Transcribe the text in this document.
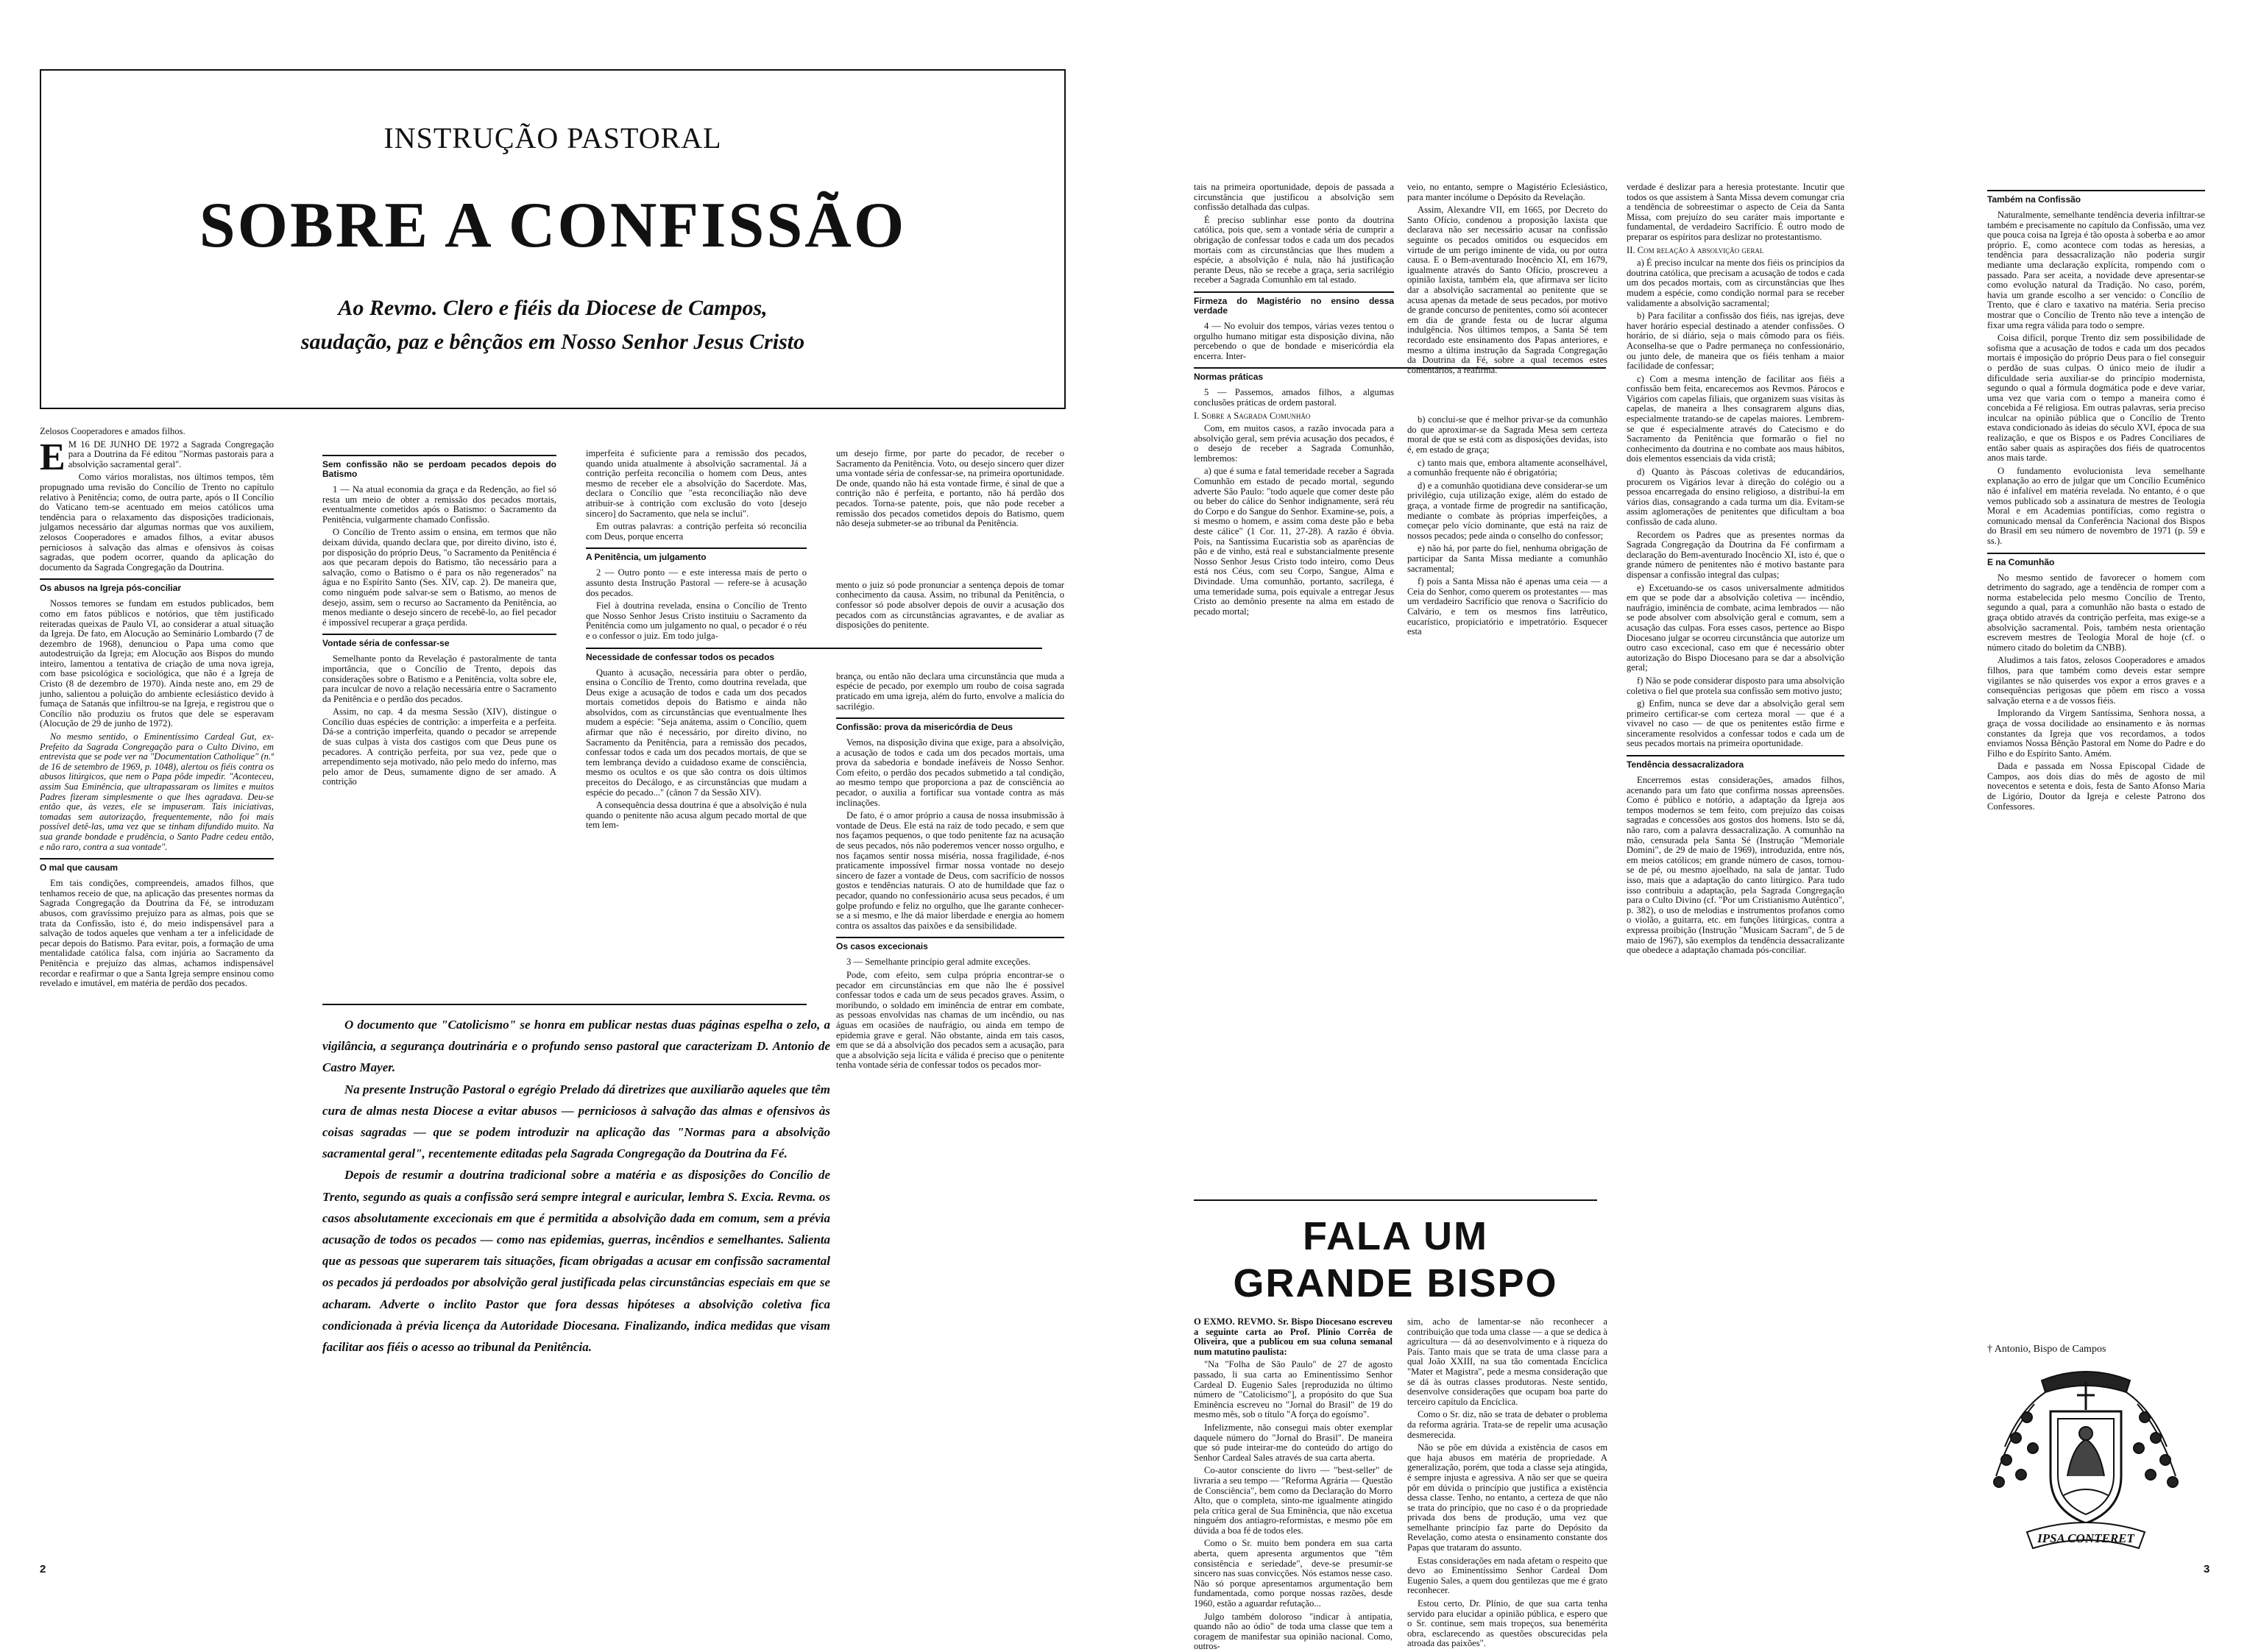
INSTRUÇÃO PASTORAL
SOBRE A CONFISSÃO
Ao Revmo. Clero e fiéis da Diocese de Campos,
saudação, paz e bênçãos em Nosso Senhor Jesus Cristo

Zelosos Cooperadores e amados filhos.

E M 16 DE JUNHO DE 1972 a Sagrada Congregação para a Doutrina da Fé editou "Normas pastorais para a absolvição sacramental geral".

Como vários moralistas, nos últimos tempos, têm propugnado uma revisão do Concílio de Trento no capítulo relativo à Penitência; como, de outra parte, após o II Concílio do Vaticano tem-se acentuado em meios católicos uma tendência para o relaxamento das disposições tradicionais, julgamos necessário dar algumas normas que vos auxiliem, zelosos Cooperadores e amados filhos, a evitar abusos perniciosos à salvação das almas e ofensivos às coisas sagradas, que podem ocorrer, quando da aplicação do documento da Sagrada Congregação da Doutrina.

Os abusos na Igreja pós-conciliar

Nossos temores se fundam em estudos publicados, bem como em fatos públicos e notórios, que têm justificado reiteradas queixas de Paulo VI, ao considerar a atual situação da Igreja. De fato, em Alocução ao Seminário Lombardo (7 de dezembro de 1968), denunciou o Papa uma como que autodestruição da Igreja; em Alocução aos Bispos do mundo inteiro, lamentou a tentativa de criação de uma nova igreja, com base psicológica e sociológica, que não é a Igreja de Cristo (8 de dezembro de 1970). Ainda neste ano, em 29 de junho, salientou a poluição do ambiente eclesiástico devido à fumaça de Satanás que infiltrou-se na Igreja, e registrou que o Concílio não produziu os frutos que dele se esperavam (Alocução de 29 de junho de 1972).

No mesmo sentido, o Eminentíssimo Cardeal Gut, ex-Prefeito da Sagrada Congregação para o Culto Divino, em entrevista que se pode ver na "Documentation Catholique" (n.º de 16 de setembro de 1969, p. 1048), alertou os fiéis contra os abusos litúrgicos, que nem o Papa pôde impedir. "Aconteceu, assim Sua Eminência, que ultrapassaram os limites e muitos Padres fizeram simplesmente o que lhes agradava. Deu-se então que, às vezes, ele se impuseram. Tais iniciativas, tomadas sem autorização, frequentemente, não foi mais possível detê-las, uma vez que se tinham difundido muito. Na sua grande bondade e prudência, o Santo Padre cedeu então, e não raro, contra a sua vontade".

O mal que causam

Em tais condições, compreendeis, amados filhos, que tenhamos receio de que, na aplicação das presentes normas da Sagrada Congregação da Doutrina da Fé, se introduzam abusos, com gravíssimo prejuízo para as almas, pois que se trata da Confissão, isto é, do meio indispensável para a salvação de todos aqueles que venham a ter a infelicidade de pecar depois do Batismo. Para evitar, pois, a formação de uma mentalidade católica falsa, com injúria ao Sacramento da Penitência e prejuízo das almas, achamos indispensável recordar e reafirmar o que a Santa Igreja sempre ensinou como revelado e imutável, em matéria de perdão dos pecados.

Sem confissão não se perdoam pecados depois do Batismo

1 — Na atual economia da graça e da Redenção, ao fiel só resta um meio de obter a remissão dos pecados mortais, eventualmente cometidos após o Batismo: o Sacramento da Penitência, vulgarmente chamado Confissão.

O Concílio de Trento assim o ensina, em termos que não deixam dúvida, quando declara que, por direito divino, isto é, por disposição do próprio Deus, "o Sacramento da Penitência é aos que pecaram depois do Batismo, tão necessário para a salvação, como o Batismo o é para os não regenerados" na água e no Espírito Santo (Ses. XIV, cap. 2). De maneira que, como ninguém pode salvar-se sem o Batismo, ao menos de desejo, assim, sem o recurso ao Sacramento da Penitência, ao menos mediante o desejo sincero de recebê-lo, ao fiel pecador é impossível recuperar a graça perdida.

Vontade séria de confessar-se

Semelhante ponto da Revelação é pastoralmente de tanta importância, que o Concílio de Trento, depois das considerações sobre o Batismo e a Penitência, volta sobre ele, para inculcar de novo a relação necessária entre o Sacramento da Penitência e o perdão dos pecados.

Assim, no cap. 4 da mesma Sessão (XIV), distingue o Concílio duas espécies de contrição: a imperfeita e a perfeita. Dá-se a contrição imperfeita, quando o pecador se arrepende de suas culpas à vista dos castigos com que Deus pune os pecadores. A contrição perfeita, por sua vez, pede que o arrependimento seja motivado, não pelo medo do inferno, mas pelo amor de Deus, sumamente digno de ser amado. A contrição

imperfeita é suficiente para a remissão dos pecados, quando unida atualmente à absolvição sacramental. Já a contrição perfeita reconcilia o homem com Deus, antes mesmo de receber ele a absolvição do Sacerdote. Mas, declara o Concílio que "esta reconciliação não deve atribuir-se à contrição com exclusão do voto [desejo sincero] do Sacramento, que nela se inclui".

Em outras palavras: a contrição perfeita só reconcilia com Deus, porque encerra

A Penitência, um julgamento

2 — Outro ponto — e este interessa mais de perto o assunto desta Instrução Pastoral — refere-se à acusação dos pecados.

Fiel à doutrina revelada, ensina o Concílio de Trento que Nosso Senhor Jesus Cristo instituiu o Sacramento da Penitência como um julgamento no qual, o pecador é o réu e o confessor o juiz. Em todo julga-

Necessidade de confessar todos os pecados

Quanto à acusação, necessária para obter o perdão, ensina o Concílio de Trento, como doutrina revelada, que Deus exige a acusação de todos e cada um dos pecados mortais cometidos depois do Batismo e ainda não absolvidos, com as circunstâncias que eventualmente lhes mudem a espécie: "Seja anátema, assim o Concílio, quem afirmar que não é necessário, por direito divino, no Sacramento da Penitência, para a remissão dos pecados, confessar todos e cada um dos pecados mortais, de que se tem lembrança devido a cuidadoso exame de consciência, mesmo os ocultos e os que são contra os dois últimos preceitos do Decálogo, e as circunstâncias que mudam a espécie do pecado..." (cânon 7 da Sessão XIV).

A consequência dessa doutrina é que a absolvição é nula quando o penitente não acusa algum pecado mortal de que tem lem-

um desejo firme, por parte do pecador, de receber o Sacramento da Penitência. Voto, ou desejo sincero quer dizer uma vontade séria de confessar-se, na primeira oportunidade. De onde, quando não há esta vontade firme, é sinal de que a contrição não é perfeita, e portanto, não há perdão dos pecados. Torna-se patente, pois, que não pode receber a remissão dos pecados cometidos depois do Batismo, quem não deseja submeter-se ao tribunal da Penitência.

mento o juiz só pode pronunciar a sentença depois de tomar conhecimento da causa. Assim, no tribunal da Penitência, o confessor só pode absolver depois de ouvir a acusação dos pecados com as circunstâncias agravantes, e de avaliar as disposições do penitente.

brança, ou então não declara uma circunstância que muda a espécie de pecado, por exemplo um roubo de coisa sagrada praticado em uma igreja, além do furto, envolve a malícia do sacrilégio.

Confissão: prova da misericórdia de Deus

Vemos, na disposição divina que exige, para a absolvição, a acusação de todos e cada um dos pecados mortais, uma prova da sabedoria e bondade inefáveis de Nosso Senhor. Com efeito, o perdão dos pecados submetido a tal condição, ao mesmo tempo que proporciona a paz de consciência ao pecador, o auxilia a fortificar sua vontade contra as más inclinações.

De fato, é o amor próprio a causa de nossa insubmissão à vontade de Deus. Ele está na raiz de todo pecado, e sem que nos façamos pequenos, o que todo penitente faz na acusação de seus pecados, nós não poderemos vencer nosso orgulho, e nos façamos sentir nossa miséria, nossa fragilidade, é-nos praticamente impossível firmar nossa vontade no desejo sincero de fazer a vontade de Deus, com sacrifício de nossos gostos e tendências naturais. O ato de humildade que faz o pecador, quando no confessionário acusa seus pecados, é um golpe profundo e feliz no orgulho, que lhe garante conhecer-se a si mesmo, e lhe dá maior liberdade e energia ao homem contra os assaltos das paixões e da sensibilidade.

Os casos excecionais

3 — Semelhante princípio geral admite exceções.

Pode, com efeito, sem culpa própria encontrar-se o pecador em circunstâncias em que não lhe é possível confessar todos e cada um de seus pecados graves. Assim, o moribundo, o soldado em iminência de entrar em combate, as pessoas envolvidas nas chamas de um incêndio, ou nas águas em ocasiões de naufrágio, ou ainda em tempo de epidemia grave e geral. Não obstante, ainda em tais casos, em que se dá a absolvição dos pecados sem a acusação, para que a absolvição seja lícita e válida é preciso que o penitente tenha vontade séria de confessar todos os pecados mor-

O documento que "Catolicismo" se honra em publicar nestas duas páginas espelha o zelo, a vigilância, a segurança doutrinária e o profundo senso pastoral que caracterizam D. Antonio de Castro Mayer.

Na presente Instrução Pastoral o egrégio Prelado dá diretrizes que auxiliarão aqueles que têm cura de almas nesta Diocese a evitar abusos — perniciosos à salvação das almas e ofensivos às coisas sagradas — que se podem introduzir na aplicação das "Normas para a absolvição sacramental geral", recentemente editadas pela Sagrada Congregação da Doutrina da Fé.

Depois de resumir a doutrina tradicional sobre a matéria e as disposições do Concílio de Trento, segundo as quais a confissão será sempre integral e auricular, lembra S. Excia. Revma. os casos absolutamente excecionais em que é permitida a absolvição dada em comum, sem a prévia acusação de todos os pecados — como nas epidemias, guerras, incêndios e semelhantes. Salienta que as pessoas que superarem tais situações, ficam obrigadas a acusar em confissão sacramental os pecados já perdoados por absolvição geral justificada pelas circunstâncias especiais em que se acharam. Adverte o inclito Pastor que fora dessas hipóteses a absolvição coletiva fica condicionada à prévia licença da Autoridade Diocesana. Finalizando, indica medidas que visam facilitar aos fiéis o acesso ao tribunal da Penitência.

2

tais na primeira oportunidade, depois de passada a circunstância que justificou a absolvição sem confissão detalhada das culpas.

É preciso sublinhar esse ponto da doutrina católica, pois que, sem a vontade séria de cumprir a obrigação de confessar todos e cada um dos pecados mortais com as circunstâncias que lhes mudem a espécie, a absolvição é nula, não há justificação perante Deus, não se recebe a graça, seria sacrilégio receber a Sagrada Comunhão em tal estado.

Firmeza do Magistério no ensino dessa verdade

4 — No evoluir dos tempos, várias vezes tentou o orgulho humano mitigar esta disposição divina, não percebendo o que de bondade e misericórdia ela encerra. Inter-

Normas práticas

5 — Passemos, amados filhos, a algumas conclusões práticas de ordem pastoral.

I. Sobre a Sagrada Comunhão

Com, em muitos casos, a razão invocada para a absolvição geral, sem prévia acusação dos pecados, é o desejo de receber a Sagrada Comunhão, lembremos:

a) que é suma e fatal temeridade receber a Sagrada Comunhão em estado de pecado mortal, segundo adverte São Paulo: "todo aquele que comer deste pão ou beber do cálice do Senhor indignamente, será réu do Corpo e do Sangue do Senhor. Examine-se, pois, a si mesmo o homem, e assim coma deste pão e beba deste cálice" (1 Cor. 11, 27-28). A razão é óbvia. Pois, na Santíssima Eucaristia sob as aparências de pão e de vinho, está real e substancialmente presente Nosso Senhor Jesus Cristo todo inteiro, como Deus está nos Céus, com seu Corpo, Sangue, Alma e Divindade. Uma comunhão, portanto, sacrílega, é uma temeridade suma, pois equivale a entregar Jesus Cristo ao demônio presente na alma em estado de pecado mortal;

veio, no entanto, sempre o Magistério Eclesiástico, para manter incólume o Depósito da Revelação.

Assim, Alexandre VII, em 1665, por Decreto do Santo Ofício, condenou a proposição laxista que declarava não ser necessário acusar na confissão seguinte os pecados omitidos ou esquecidos em virtude de um perigo iminente de vida, ou por outra causa. E o Bem-aventurado Inocêncio XI, em 1679, igualmente através do Santo Ofício, proscreveu a opinião laxista, também ela, que afirmava ser lícito dar a absolvição sacramental ao penitente que se acusa apenas da metade de seus pecados, por motivo de grande concurso de penitentes, como sói acontecer em dia de grande festa ou de lucrar alguma indulgência. Nos últimos tempos, a Santa Sé tem recordado este ensinamento dos Papas anteriores, e mesmo a última instrução da Sagrada Congregação da Doutrina da Fé, sobre a qual tecemos estes comentários, a reafirma.

b) conclui-se que é melhor privar-se da comunhão do que aproximar-se da Sagrada Mesa sem certeza moral de que se está com as disposições devidas, isto é, em estado de graça;

c) tanto mais que, embora altamente aconselhável, a comunhão frequente não é obrigatória;

d) e a comunhão quotidiana deve considerar-se um privilégio, cuja utilização exige, além do estado de graça, a vontade firme de progredir na santificação, mediante o combate às próprias imperfeições, a começar pelo vício dominante, que está na raiz de nossos pecados; pede ainda o conselho do confessor;

e) não há, por parte do fiel, nenhuma obrigação de participar da Santa Missa mediante a comunhão sacramental;

f) pois a Santa Missa não é apenas uma ceia — a Ceia do Senhor, como querem os protestantes — mas um verdadeiro Sacrifício que renova o Sacrifício do Calvário, e tem os mesmos fins latrêutico, eucarístico, propiciatório e impetratório. Esquecer esta

FALA UM
GRANDE BISPO

O EXMO. REVMO. Sr. Bispo Diocesano escreveu a seguinte carta ao Prof. Plínio Corrêa de Oliveira, que a publicou em sua coluna semanal num matutino paulista:

"Na "Folha de São Paulo" de 27 de agosto passado, li sua carta ao Eminentíssimo Senhor Cardeal D. Eugenio Sales [reproduzida no último número de "Catolicismo"], a propósito do que Sua Eminência escreveu no "Jornal do Brasil" de 19 do mesmo mês, sob o título "A força do egoísmo".

Infelizmente, não consegui mais obter exemplar daquele número do "Jornal do Brasil". De maneira que só pude inteirar-me do conteúdo do artigo do Senhor Cardeal Sales através de sua carta aberta.

Co-autor consciente do livro — "best-seller" de livraria a seu tempo — "Reforma Agrária — Questão de Consciência", bem como da Declaração do Morro Alto, que o completa, sinto-me igualmente atingido pela crítica geral de Sua Eminência, que não excetua ninguém dos antiagro-reformistas, e mesmo põe em dúvida a boa fé de todos eles.

Como o Sr. muito bem pondera em sua carta aberta, quem apresenta argumentos que "têm consistência e seriedade", deve-se presumir-se sincero nas suas convicções. Nós estamos nesse caso. Não só porque apresentamos argumentação bem fundamentada, como porque nossas razões, desde 1960, estão a aguardar refutação...

Julgo também doloroso "indicar à antipatia, quando não ao ódio" de toda uma classe que tem a coragem de manifestar sua opinião nacional. Como, outros-

sim, acho de lamentar-se não reconhecer a contribuição que toda uma classe — a que se dedica à agricultura — dá ao desenvolvimento e à riqueza do País. Tanto mais que se trata de uma classe para a qual João XXIII, na sua tão comentada Encíclica "Mater et Magistra", pede a mesma consideração que se dá às outras classes produtoras. Neste sentido, desenvolve considerações que ocupam boa parte do terceiro capítulo da Encíclica.

Como o Sr. diz, não se trata de debater o problema da reforma agrária. Trata-se de repelir uma acusação desmerecida.

Não se põe em dúvida a existência de casos em que haja abusos em matéria de propriedade. A generalização, porém, que toda a classe seja atingida, é sempre injusta e agressiva. A não ser que se queira pôr em dúvida o princípio que justifica a existência dessa classe. Tenho, no entanto, a certeza de que não se trata do princípio, que no caso é o da propriedade privada dos bens de produção, uma vez que semelhante princípio faz parte do Depósito da Revelação, como atesta o ensinamento constante dos Papas que trataram do assunto.

Estas considerações em nada afetam o respeito que devo ao Eminentíssimo Senhor Cardeal Dom Eugenio Sales, a quem dou gentilezas que me é grato reconhecer.

Estou certo, Dr. Plínio, de que sua carta tenha servido para elucidar a opinião pública, e espero que o Sr. continue, sem mais tropeços, sua benemérita obra, esclarecendo as questões obscurecidas pela atroada das paixões".

verdade é deslizar para a heresia protestante. Incutir que todos os que assistem à Santa Missa devem comungar cria a tendência de sobreestimar o aspecto de Ceia da Santa Missa, com prejuízo do seu caráter mais importante e fundamental, de verdadeiro Sacrifício. É outro modo de preparar os espíritos para deslizar no protestantismo.

II. Com relação à absolvição geral

a) É preciso inculcar na mente dos fiéis os princípios da doutrina católica, que precisam a acusação de todos e cada um dos pecados mortais, com as circunstâncias que lhes mudem a espécie, como condição normal para se receber validamente a absolvição sacramental;

b) Para facilitar a confissão dos fiéis, nas igrejas, deve haver horário especial destinado a atender confissões. O horário, de si diário, seja o mais cômodo para os fiéis. Aconselha-se que o Padre permaneça no confessionário, ou junto dele, de maneira que os fiéis tenham a maior facilidade de confessar;

c) Com a mesma intenção de facilitar aos fiéis a confissão bem feita, encarecemos aos Revmos. Párocos e Vigários com capelas filiais, que organizem suas visitas às capelas, de maneira a lhes consagrarem alguns dias, especialmente tratando-se de capelas maiores. Lembrem-se que é especialmente através do Catecismo e do Sacramento da Penitência que formarão o fiel no conhecimento da doutrina e no combate aos maus hábitos, dois elementos essenciais da vida cristã;

d) Quanto às Páscoas coletivas de educandários, procurem os Vigários levar à direção do colégio ou a pessoa encarregada do ensino religioso, a distribuí-la em vários dias, consagrando a cada turma um dia. Evitam-se assim aglomerações de penitentes que dificultam a boa confissão de cada aluno.

Recordem os Padres que as presentes normas da Sagrada Congregação da Doutrina da Fé confirmam a declaração do Bem-aventurado Inocêncio XI, isto é, que o grande número de penitentes não é motivo bastante para dispensar a confissão integral das culpas;

e) Excetuando-se os casos universalmente admitidos em que se pode dar a absolvição coletiva — incêndio, naufrágio, iminência de combate, acima lembrados — não se pode absolver com absolvição geral e comum, sem a acusação das culpas. Fora esses casos, pertence ao Bispo Diocesano julgar se ocorreu circunstância que autorize um outro caso excecional, caso em que é necessário obter autorização do Bispo Diocesano para se dar a absolvição geral;

f) Não se pode considerar disposto para uma absolvição coletiva o fiel que protela sua confissão sem motivo justo;

g) Enfim, nunca se deve dar a absolvição geral sem primeiro certificar-se com certeza moral — que é a vivavel no caso — de que os penitentes estão firme e sinceramente resolvidos a confessar todos e cada um de seus pecados mortais na primeira oportunidade.

Tendência dessacralizadora

Encerremos estas considerações, amados filhos, acenando para um fato que confirma nossas apreensões. Como é público e notório, a adaptação da Igreja aos tempos modernos se tem feito, com prejuízo das coisas sagradas e concessões aos gostos dos homens. Isto se dá, não raro, com a palavra dessacralização. A comunhão na mão, censurada pela Santa Sé (Instrução "Memoriale Domini", de 29 de maio de 1969), introduzida, entre nós, em meios católicos; em grande número de casos, tornou-se de pé, ou mesmo ajoelhado, na sala de jantar. Tudo isso, mais que a adaptação do canto litúrgico. Para tudo isso contribuiu a adaptação, pela Sagrada Congregação para o Culto Divino (cf. "Por um Cristianismo Autêntico", p. 382), o uso de melodias e instrumentos profanos como o violão, a guitarra, etc. em funções litúrgicas, contra a expressa proibição (Instrução "Musicam Sacram", de 5 de maio de 1967), são exemplos da tendência dessacralizante que obedece a adaptação chamada pós-conciliar.

Também na Confissão

Naturalmente, semelhante tendência deveria infiltrar-se também e precisamente no capítulo da Confissão, uma vez que pouca coisa na Igreja é tão oposta à soberba e ao amor próprio. E, como acontece com todas as heresias, a tendência para dessacralização não poderia surgir mediante uma declaração explícita, rompendo com o passado. Para ser aceita, a novidade deve apresentar-se como evolução natural da Tradição. No caso, porém, havia um grande escolho a ser vencido: o Concílio de Trento, que é claro e taxativo na matéria. Seria preciso mostrar que o Concílio de Trento não teve a intenção de fixar uma regra válida para todo o sempre.

Coisa difícil, porque Trento diz sem possibilidade de sofisma que a acusação de todos e cada um dos pecados mortais é imposição do próprio Deus para o fiel conseguir o perdão de suas culpas. O único meio de iludir a dificuldade seria auxiliar-se do princípio modernista, segundo o qual a fórmula dogmática pode e deve variar, uma vez que varia com o tempo a maneira como é concebida a Fé religiosa. Em outras palavras, seria preciso inculcar na opinião pública que o Concílio de Trento estava condicionado às ideias do século XVI, época de sua realização, e que os Bispos e os Padres Conciliares de então saber quais as aspirações dos fiéis de quatrocentos anos mais tarde.

O fundamento evolucionista leva semelhante explanação ao erro de julgar que um Concílio Ecumênico não é infalível em matéria revelada. No entanto, é o que vemos publicado sob a assinatura de mestres de Teologia Moral e em Academias pontifícias, como registra o comunicado mensal da Conferência Nacional dos Bispos do Brasil em seu número de novembro de 1971 (p. 59 e ss.).

E na Comunhão

No mesmo sentido de favorecer o homem com detrimento do sagrado, age a tendência de romper com a norma estabelecida pelo mesmo Concílio de Trento, segundo a qual, para a comunhão não basta o estado de graça obtido através da contrição perfeita, mas exige-se a absolvição sacramental. Pois, também nesta orientação escrevem mestres de Teologia Moral de hoje (cf. o número citado do boletim da CNBB).

Aludimos a tais fatos, zelosos Cooperadores e amados filhos, para que também como deveis estar sempre vigilantes se não quiserdes vos expor a erros graves e a consequências perigosas que põem em risco a vossa salvação eterna e a de vossos fiéis.

Implorando da Virgem Santíssima, Senhora nossa, a graça de vossa docilidade ao ensinamento e às normas constantes da Igreja que vos recordamos, a todos enviamos Nossa Bênção Pastoral em Nome do Padre e do Filho e do Espírito Santo. Amém.

Dada e passada em Nossa Episcopal Cidade de Campos, aos dois dias do mês de agosto de mil novecentos e setenta e dois, festa de Santo Afonso Maria de Ligório, Doutor da Igreja e celeste Patrono dos Confessores.

† Antonio, Bispo de Campos
IPSA CONTERET
3
